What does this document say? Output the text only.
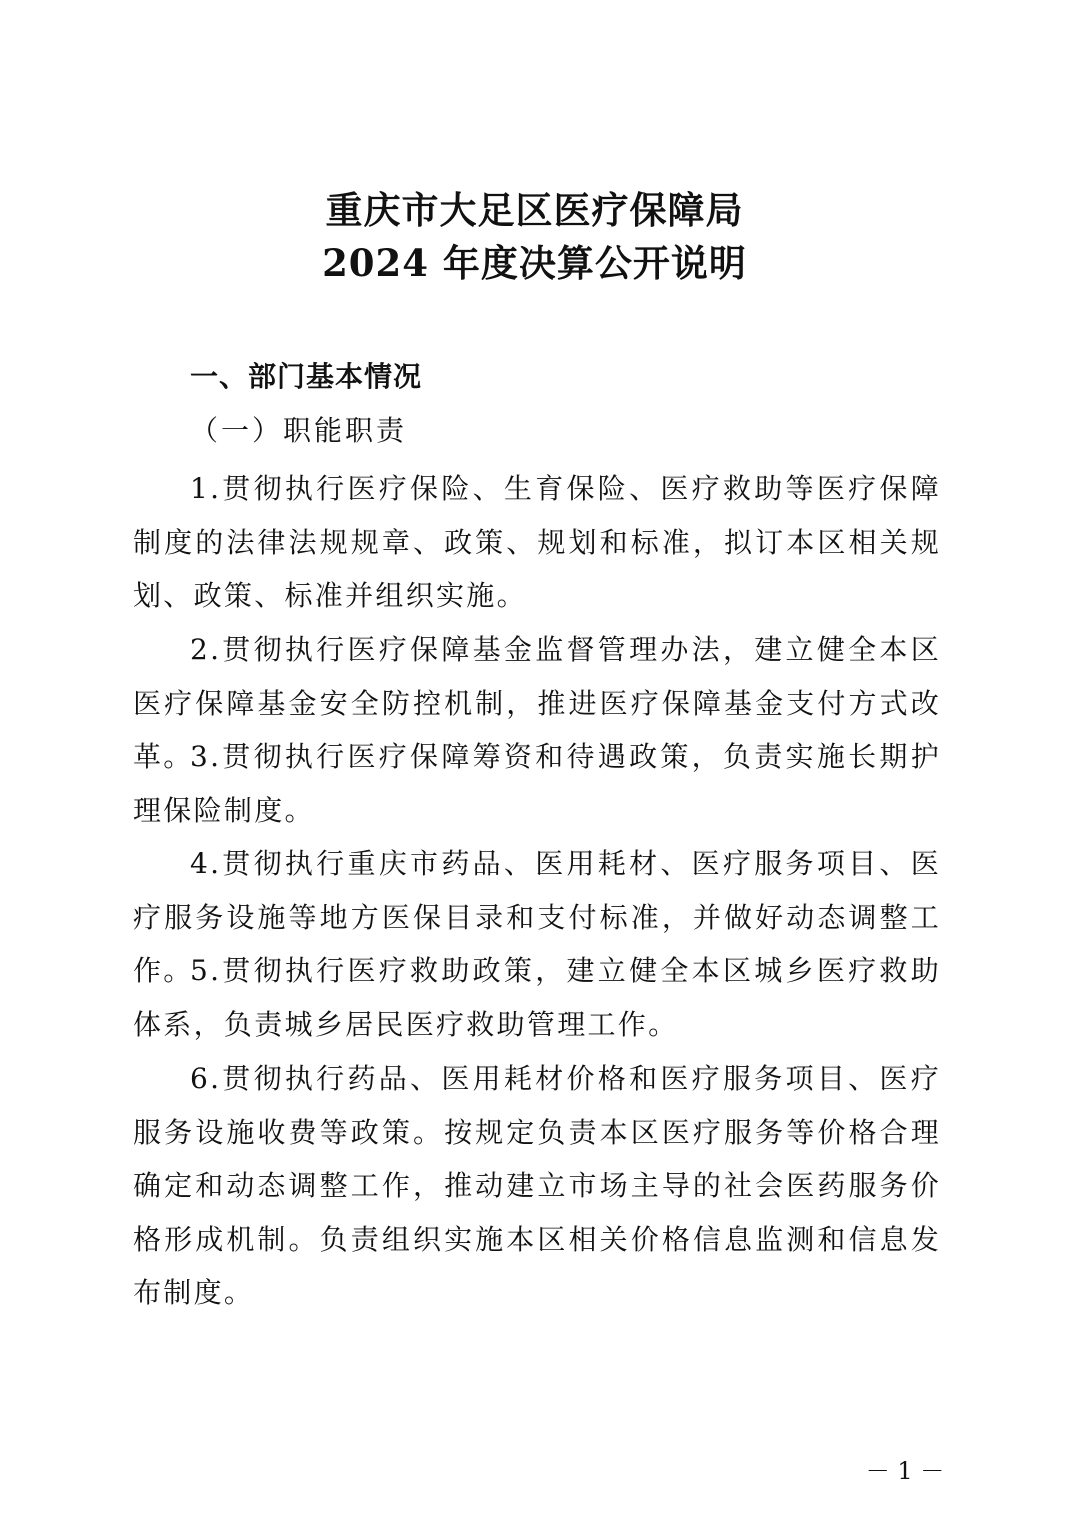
重庆市大足区医疗保障局
2024 年度决算公开说明
一、部门基本情况
（一）职能职责

1.贯彻执行医疗保险、生育保险、医疗救助等医疗保障制度的法律法规规章、政策、规划和标准，拟订本区相关规划、政策、标准并组织实施。

2.贯彻执行医疗保障基金监督管理办法，建立健全本区医疗保障基金安全防控机制，推进医疗保障基金支付方式改革。

3.贯彻执行医疗保障筹资和待遇政策，负责实施长期护理保险制度。

4.贯彻执行重庆市药品、医用耗材、医疗服务项目、医疗服务设施等地方医保目录和支付标准，并做好动态调整工作。

5.贯彻执行医疗救助政策，建立健全本区城乡医疗救助体系，负责城乡居民医疗救助管理工作。

6.贯彻执行药品、医用耗材价格和医疗服务项目、医疗服务设施收费等政策。按规定负责本区医疗服务等价格合理确定和动态调整工作，推动建立市场主导的社会医药服务价格形成机制。负责组织实施本区相关价格信息监测和信息发布制度。

－ 1 －
